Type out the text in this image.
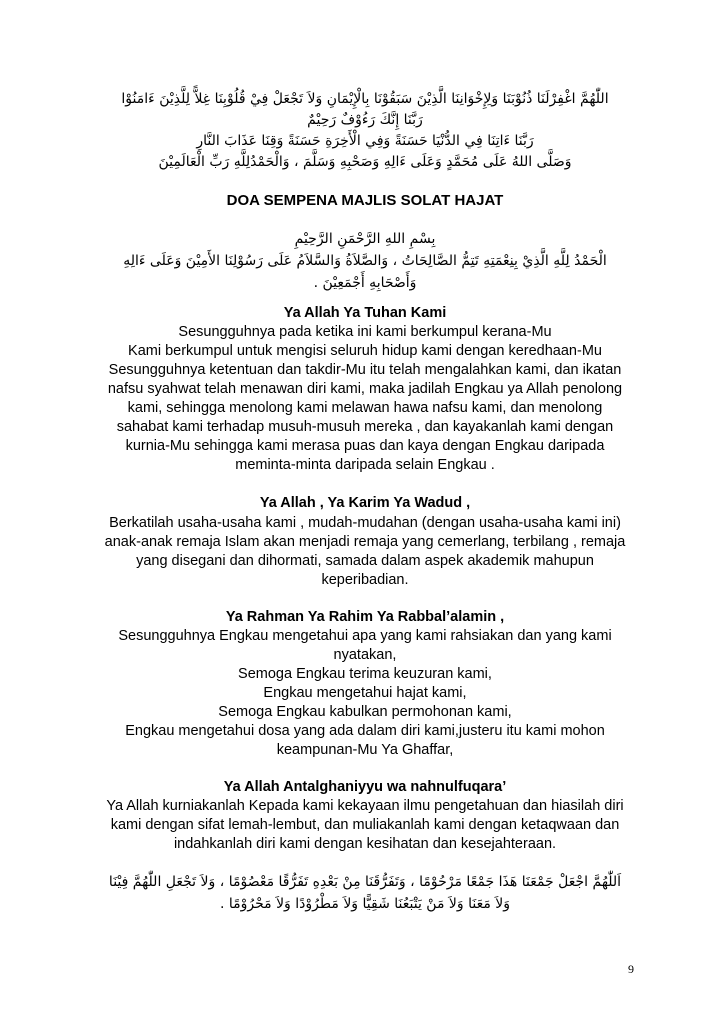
اللّٰهُمَّ اغْفِرْلَنَا ذُنُوْبَنَا وَلِإِخْوَانِنَا الَّذِيْنَ سَبَقُوْنَا بِالْإِيْمَانِ وَلاَ تَجْعَلْ فِيْ قُلُوْبِنَا غِلاًّ لِلَّذِيْنَ ءَامَنُوْا
رَبَّنَا إِنَّكَ رَءُوْفٌ رَحِيْمٌ
رَبَّنَا ءَاتِنَا فِي الدُّنْيَا حَسَنَةً وَفِي الْأَخِرَةِ حَسَنَةً وَقِنَا عَذَابَ النَّارِ
وَصَلَّى اللهُ عَلَى مُحَمَّدٍ وَعَلَى ءَالِهِ وَصَحْبِهِ وَسَلَّمَ ، وَالْحَمْدُلِلَّهِ رَبِّ الْعَالَمِيْنَ
DOA SEMPENA MAJLIS SOLAT HAJAT
بِسْمِ اللهِ الرَّحْمَنِ الرَّحِيْمِ
الْحَمْدُ لِلَّهِ الَّذِيْ بِنِعْمَتِهِ تَتِمُّ الصَّالِحَاتُ ، وَالصَّلاَةُ وَالسَّلاَمُ عَلَى رَسُوْلِنَا الأَمِيْنَ وَعَلَى ءَالِهِ
وَأَصْحَابِهِ أَجْمَعِيْنَ .
Ya Allah Ya Tuhan Kami
Sesungguhnya pada ketika ini kami berkumpul kerana-Mu
Kami berkumpul untuk mengisi seluruh hidup kami dengan keredhaan-Mu
Sesungguhnya ketentuan dan takdir-Mu itu telah mengalahkan kami, dan ikatan
nafsu syahwat telah menawan diri kami, maka jadilah Engkau ya Allah penolong
kami, sehingga menolong kami melawan hawa nafsu kami, dan menolong
sahabat kami terhadap musuh-musuh mereka , dan kayakanlah kami dengan
kurnia-Mu sehingga kami merasa puas dan kaya dengan Engkau daripada
meminta-minta daripada selain Engkau .
Ya Allah , Ya Karim Ya Wadud ,
Berkatilah usaha-usaha kami , mudah-mudahan (dengan usaha-usaha kami ini)
anak-anak remaja Islam akan menjadi remaja yang cemerlang, terbilang , remaja
yang disegani dan dihormati, samada dalam aspek akademik mahupun
keperibadian.
Ya Rahman Ya Rahim Ya Rabbal’alamin ,
Sesungguhnya Engkau mengetahui apa yang kami rahsiakan dan yang kami
nyatakan,
Semoga Engkau terima keuzuran kami,
Engkau mengetahui hajat kami,
Semoga Engkau kabulkan permohonan kami,
Engkau mengetahui dosa yang ada dalam diri kami,justeru itu kami mohon
keampunan-Mu Ya Ghaffar,
Ya Allah Antalghaniyyu wa nahnulfuqara’
Ya Allah kurniakanlah Kepada kami kekayaan ilmu pengetahuan dan hiasilah diri
kami dengan sifat lemah-lembut, dan muliakanlah kami dengan ketaqwaan dan
indahkanlah diri kami dengan kesihatan dan kesejahteraan.
اَللّٰهُمَّ اجْعَلْ جَمْعَنَا هَذَا جَمْعًا مَرْحُوْمًا ، وَتَفَرُّقَنَا مِنْ بَعْدِهِ تَفَرُّقًا مَعْصُوْمًا ، وَلاَ تَجْعَلِ اللّٰهُمَّ فِيْنَا
وَلاَ مَعَنَا وَلاَ مَنْ يَتْبَعُنَا شَقِيًّا وَلاَ مَطْرُوْدًا وَلاَ مَحْرُوْمًا .
9
